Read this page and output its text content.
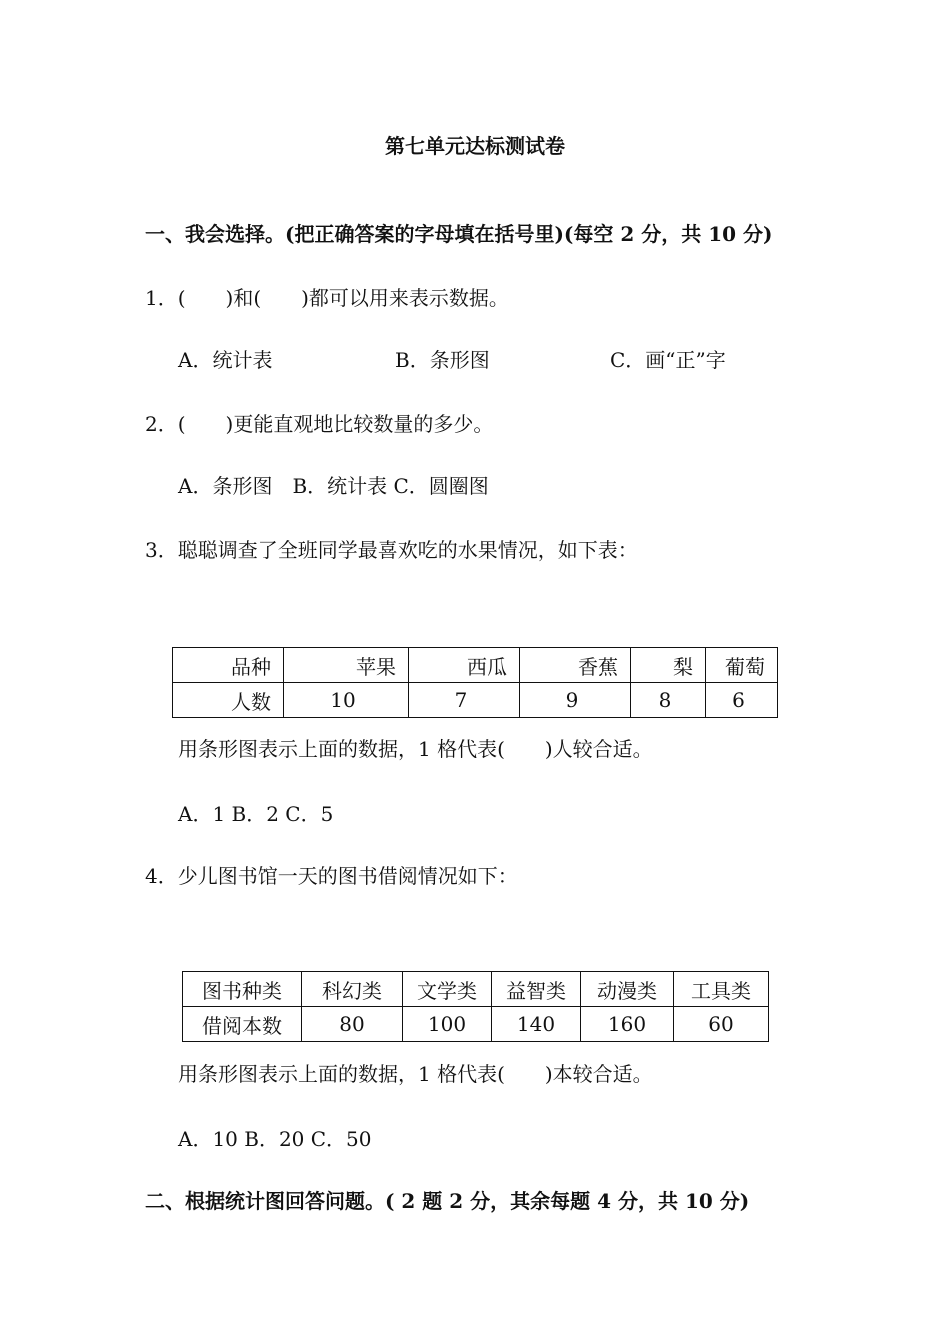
第七单元达标测试卷
一、我会选择。(把正确答案的字母填在括号里)(每空 2 分，共 10 分)
1．(　　)和(　　)都可以用来表示数据。
A．统计表	B．条形图	C．画“正”字
2．(　　)更能直观地比较数量的多少。
A．条形图　B．统计表 C．圆圈图
3．聪聪调查了全班同学最喜欢吃的水果情况，如下表：
品种	苹果	西瓜	香蕉	梨	葡萄
人数	10	7	9	8	6
用条形图表示上面的数据，1 格代表(　　)人较合适。
A．1 B．2 C．5
4．少儿图书馆一天的图书借阅情况如下：
图书种类	科幻类	文学类	益智类	动漫类	工具类
借阅本数	80	100	140	160	60
用条形图表示上面的数据，1 格代表(　　)本较合适。
A．10 B．20 C．50
二、根据统计图回答问题。( 2 题 2 分，其余每题 4 分，共 10 分)
